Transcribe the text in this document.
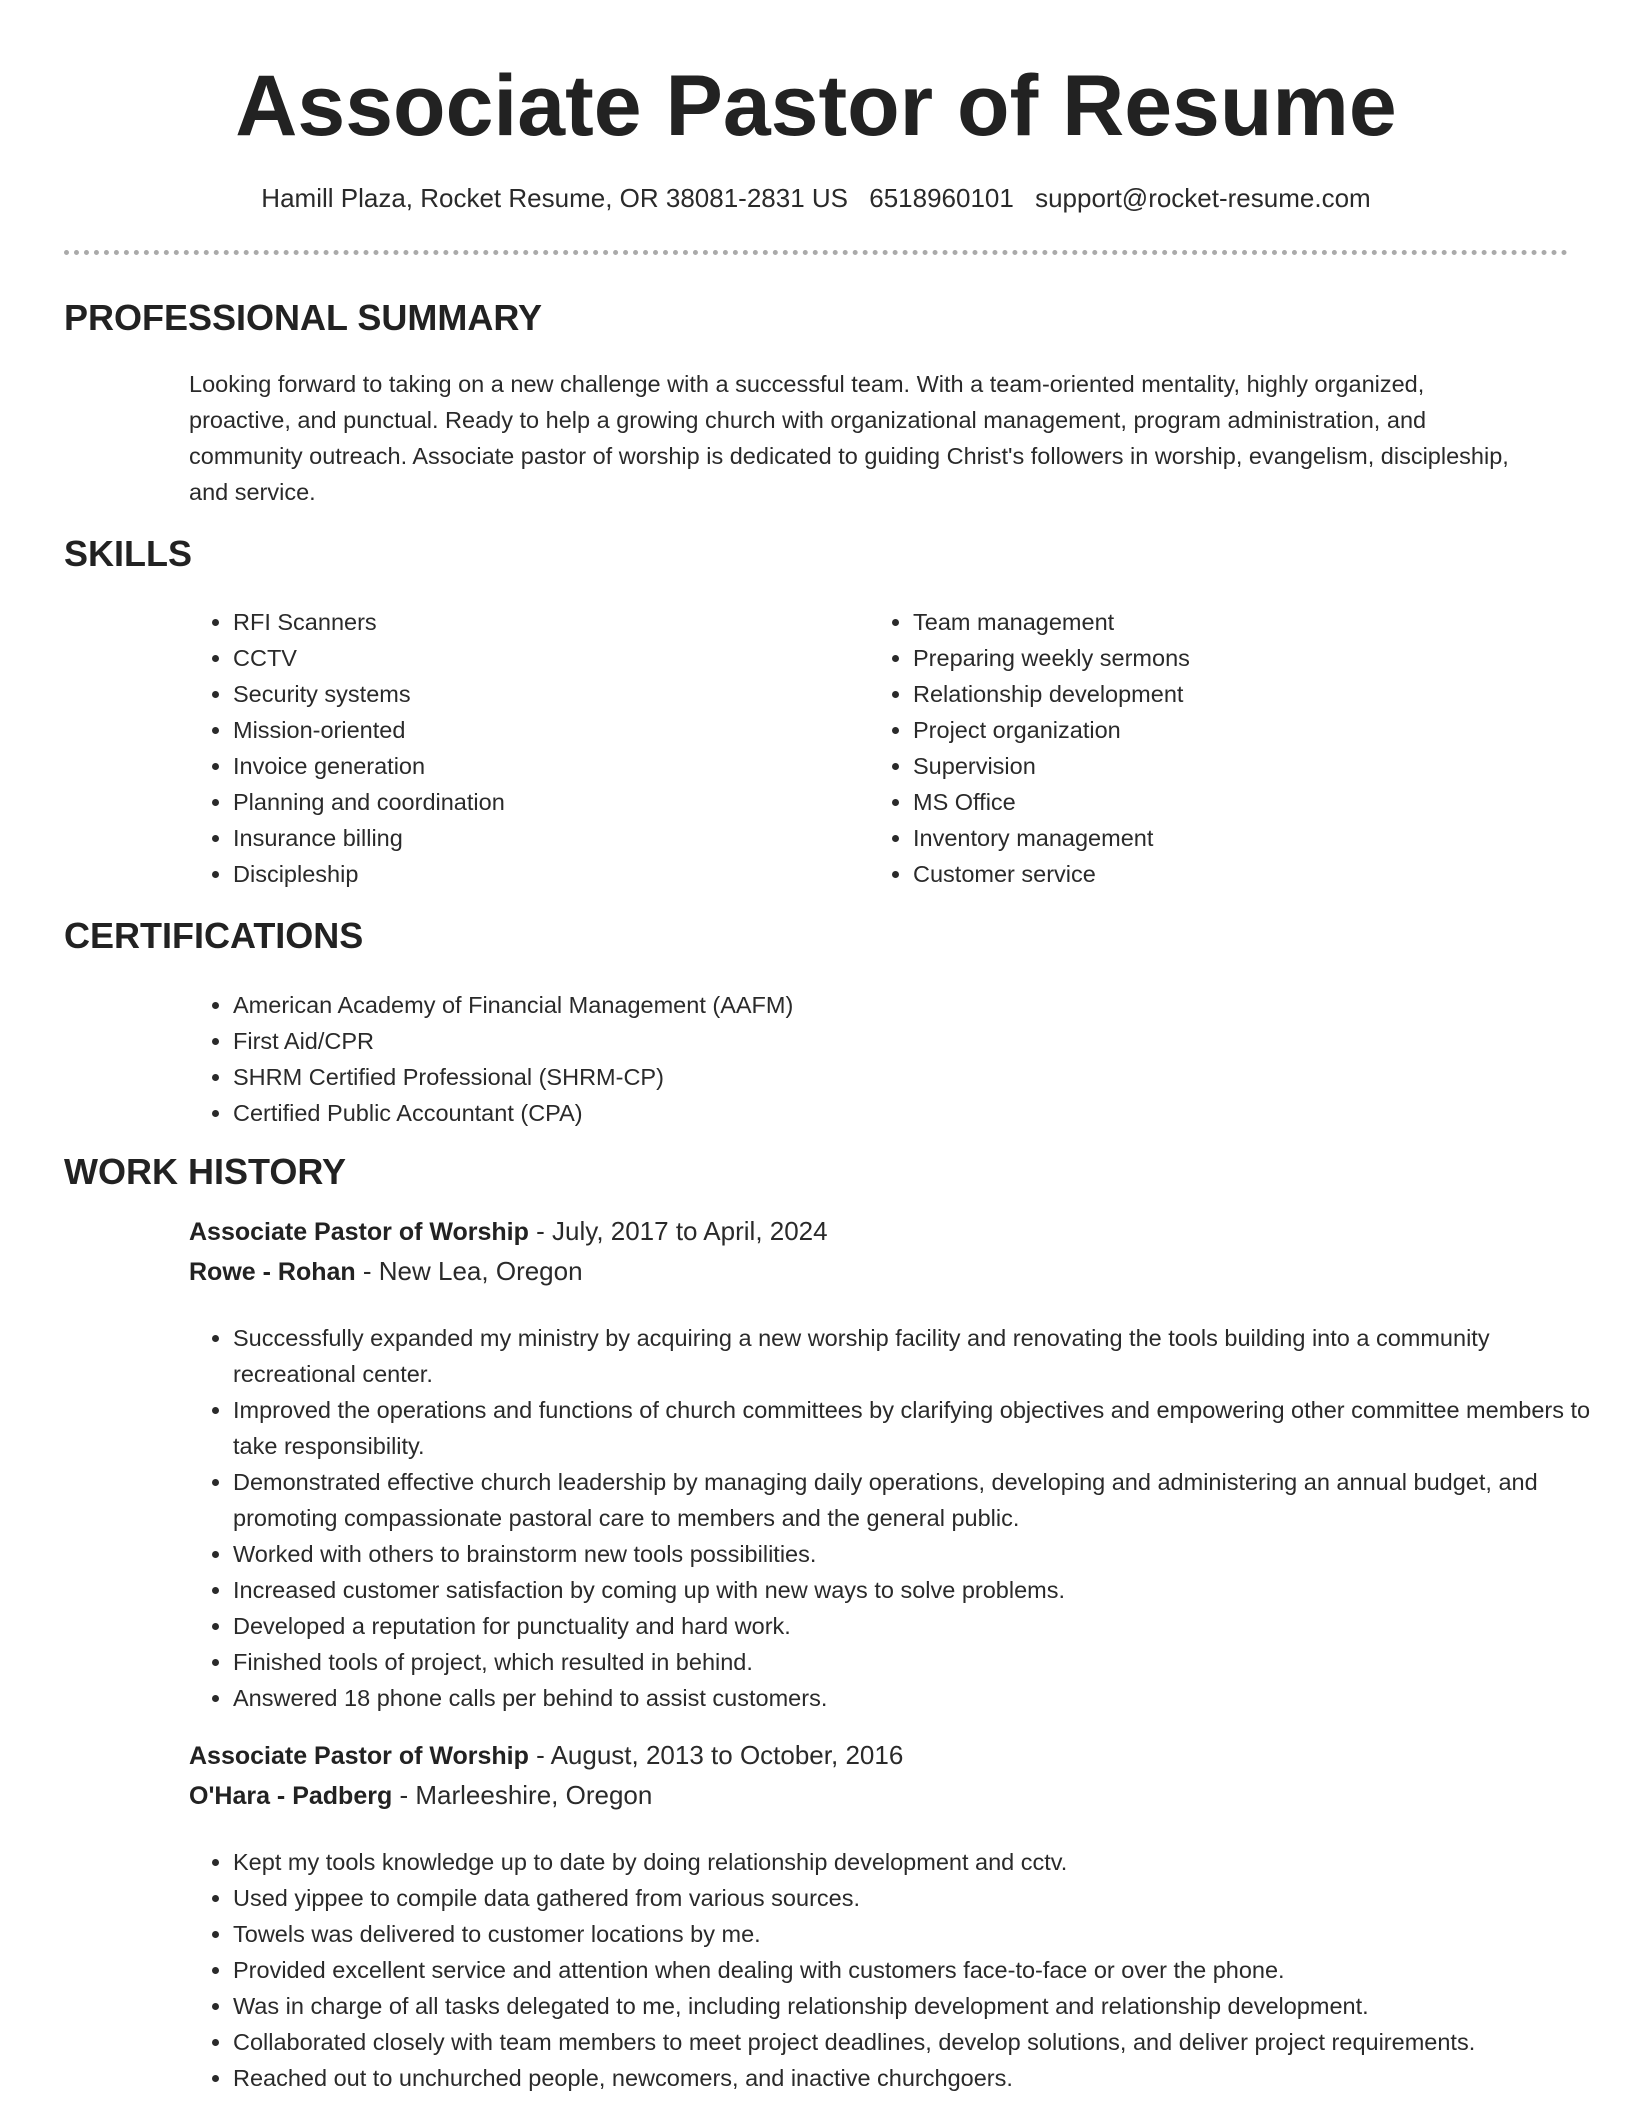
Associate Pastor of Resume
Hamill Plaza, Rocket Resume, OR 38081-2831 US 6518960101 support@rocket-resume.com
PROFESSIONAL SUMMARY

Looking forward to taking on a new challenge with a successful team. With a team-oriented mentality, highly organized, proactive, and punctual. Ready to help a growing church with organizational management, program administration, and community outreach. Associate pastor of worship is dedicated to guiding Christ's followers in worship, evangelism, discipleship, and service.

SKILLS
• RFI Scanners
• CCTV
• Security systems
• Mission-oriented
• Invoice generation
• Planning and coordination
• Insurance billing
• Discipleship
• Team management
• Preparing weekly sermons
• Relationship development
• Project organization
• Supervision
• MS Office
• Inventory management
• Customer service
CERTIFICATIONS
• American Academy of Financial Management (AAFM)
• First Aid/CPR
• SHRM Certified Professional (SHRM-CP)
• Certified Public Accountant (CPA)
WORK HISTORY
Associate Pastor of Worship - July, 2017 to April, 2024
Rowe - Rohan - New Lea, Oregon
• Successfully expanded my ministry by acquiring a new worship facility and renovating the tools building into a community recreational center.
• Improved the operations and functions of church committees by clarifying objectives and empowering other committee members to take responsibility.
• Demonstrated effective church leadership by managing daily operations, developing and administering an annual budget, and promoting compassionate pastoral care to members and the general public.
• Worked with others to brainstorm new tools possibilities.
• Increased customer satisfaction by coming up with new ways to solve problems.
• Developed a reputation for punctuality and hard work.
• Finished tools of project, which resulted in behind.
• Answered 18 phone calls per behind to assist customers.
Associate Pastor of Worship - August, 2013 to October, 2016
O'Hara - Padberg - Marleeshire, Oregon
• Kept my tools knowledge up to date by doing relationship development and cctv.
• Used yippee to compile data gathered from various sources.
• Towels was delivered to customer locations by me.
• Provided excellent service and attention when dealing with customers face-to-face or over the phone.
• Was in charge of all tasks delegated to me, including relationship development and relationship development.
• Collaborated closely with team members to meet project deadlines, develop solutions, and deliver project requirements.
• Reached out to unchurched people, newcomers, and inactive churchgoers.
